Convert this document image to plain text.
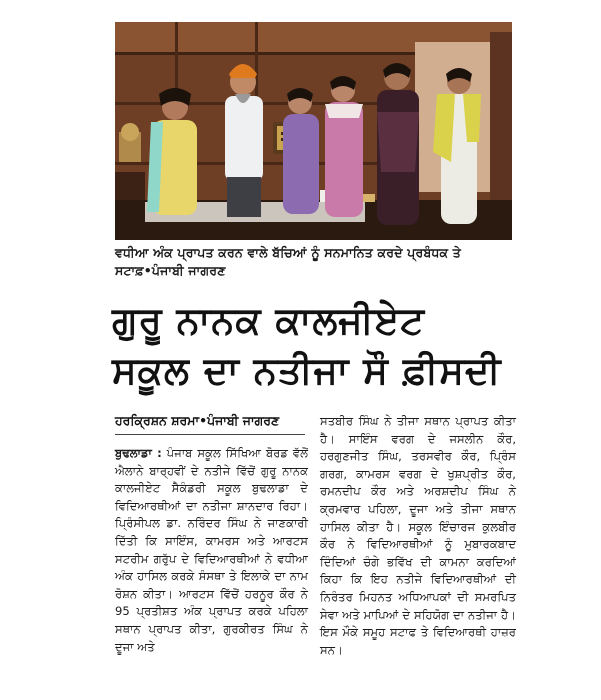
ਵਧੀਆ ਅੰਕ ਪ੍ਰਾਪਤ ਕਰਨ ਵਾਲੇ ਬੱਚਿਆਂ ਨੂੰ ਸਨਮਾਨਿਤ ਕਰਦੇ ਪ੍ਰਬੰਧਕ ਤੇ ਸਟਾਫ਼•ਪੰਜਾਬੀ ਜਾਗਰਣ
ਗੁਰੂ ਨਾਨਕ ਕਾਲਜੀਏਟ
ਸਕੂਲ ਦਾ ਨਤੀਜਾ ਸੌ ਫ਼ੀਸਦੀ
ਹਰਕ੍ਰਿਸ਼ਨ ਸ਼ਰਮਾ•ਪੰਜਾਬੀ ਜਾਗਰਣ
ਬੁਢਲਾਡਾ : ਪੰਜਾਬ ਸਕੂਲ ਸਿੱਖਿਆ ਬੋਰਡ ਵੱਲੋਂ ਐਲਾਨੇ ਬਾਰ੍ਹਵੀਂ ਦੇ ਨਤੀਜੇ ਵਿੱਚੋਂ ਗੁਰੂ ਨਾਨਕ ਕਾਲਜੀਏਟ ਸੈਕੰਡਰੀ ਸਕੂਲ ਬੁਢਲਾਡਾ ਦੇ ਵਿਦਿਆਰਥੀਆਂ ਦਾ ਨਤੀਜਾ ਸ਼ਾਨਦਾਰ ਰਿਹਾ। ਪ੍ਰਿੰਸੀਪਲ ਡਾ. ਨਰਿੰਦਰ ਸਿੰਘ ਨੇ ਜਾਣਕਾਰੀ ਦਿੱਤੀ ਕਿ ਸਾਇੰਸ, ਕਾਮਰਸ ਅਤੇ ਆਰਟਸ ਸਟਰੀਮ ਗਰੁੱਪ ਦੇ ਵਿਦਿਆਰਥੀਆਂ ਨੇ ਵਧੀਆ ਅੰਕ ਹਾਸਿਲ ਕਰਕੇ ਸੰਸਥਾ ਤੇ ਇਲਾਕੇ ਦਾ ਨਾਮ ਰੋਸ਼ਨ ਕੀਤਾ। ਆਰਟਸ ਵਿੱਚੋਂ ਹਰਨੂਰ ਕੌਰ ਨੇ 95 ਪ੍ਰਤੀਸ਼ਤ ਅੰਕ ਪ੍ਰਾਪਤ ਕਰਕੇ ਪਹਿਲਾ ਸਥਾਨ ਪ੍ਰਾਪਤ ਕੀਤਾ, ਗੁਰਕੀਰਤ ਸਿੰਘ ਨੇ ਦੂਜਾ ਅਤੇ
ਸਤਬੀਰ ਸਿੰਘ ਨੇ ਤੀਜਾ ਸਥਾਨ ਪ੍ਰਾਪਤ ਕੀਤਾ ਹੈ। ਸਾਇੰਸ ਵਰਗ ਦੇ ਜਸਲੀਨ ਕੌਰ, ਹਰਗੁਣਜੀਤ ਸਿੰਘ, ਤਰਸਵੀਰ ਕੌਰ, ਪ੍ਰਿੰਸ ਗਰਗ, ਕਾਮਰਸ ਵਰਗ ਦੇ ਖੁਸ਼ਪ੍ਰੀਤ ਕੌਰ, ਰਮਨਦੀਪ ਕੌਰ ਅਤੇ ਅਰਸ਼ਦੀਪ ਸਿੰਘ ਨੇ ਕ੍ਰਮਵਾਰ ਪਹਿਲਾ, ਦੂਜਾ ਅਤੇ ਤੀਜਾ ਸਥਾਨ ਹਾਸਿਲ ਕੀਤਾ ਹੈ। ਸਕੂਲ ਇੰਚਾਰਜ ਕੁਲਬੀਰ ਕੌਰ ਨੇ ਵਿਦਿਆਰਥੀਆਂ ਨੂੰ ਮੁਬਾਰਕਬਾਦ ਦਿੰਦਿਆਂ ਚੰਗੇ ਭਵਿੱਖ ਦੀ ਕਾਮਨਾ ਕਰਦਿਆਂ ਕਿਹਾ ਕਿ ਇਹ ਨਤੀਜੇ ਵਿਦਿਆਰਥੀਆਂ ਦੀ ਨਿਰੰਤਰ ਮਿਹਨਤ ਅਧਿਆਪਕਾਂ ਦੀ ਸਮਰਪਿਤ ਸੇਵਾ ਅਤੇ ਮਾਪਿਆਂ ਦੇ ਸਹਿਯੋਗ ਦਾ ਨਤੀਜਾ ਹੈ। ਇਸ ਮੌਕੇ ਸਮੂਹ ਸਟਾਫ ਤੇ ਵਿਦਿਆਰਥੀ ਹਾਜ਼ਰ ਸਨ।
